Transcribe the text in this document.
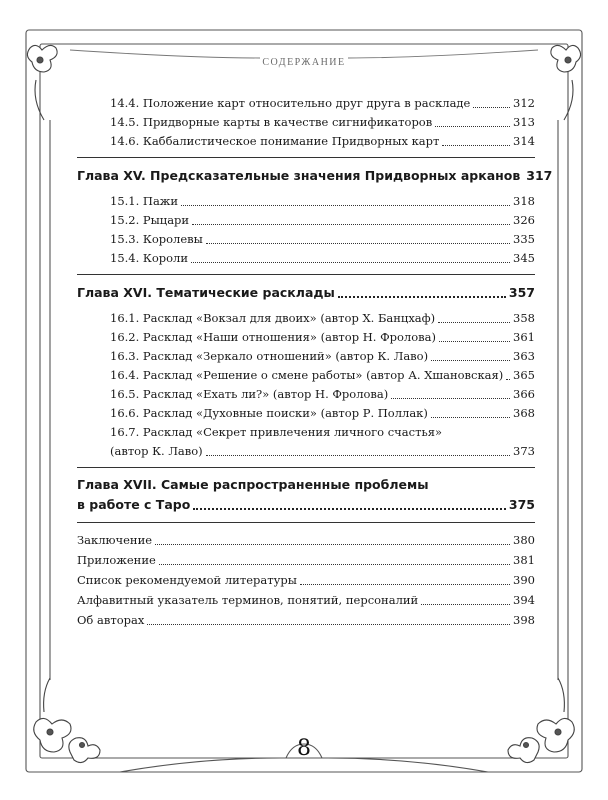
СОДЕРЖАНИЕ
14.4. Положение карт относительно друг друга в раскладе	312
14.5. Придворные карты в качестве сигнификаторов	313
14.6. Каббалистическое понимание Придворных карт	314
Глава XV. Предсказательные значения Придворных арканов 317
15.1. Пажи	318
15.2. Рыцари	326
15.3. Королевы	335
15.4. Короли	345
Глава XVI. Тематические расклады	357
16.1. Расклад «Вокзал для двоих» (автор Х. Банцхаф)	358
16.2. Расклад «Наши отношения» (автор Н. Фролова)	361
16.3. Расклад «Зеркало отношений» (автор К. Лаво)	363
16.4. Расклад «Решение о смене работы» (автор А. Хшановская) 365
16.5. Расклад «Ехать ли?» (автор Н. Фролова)	366
16.6. Расклад «Духовные поиски» (автор Р. Поллак)	368
16.7. Расклад «Секрет привлечения личного счастья»
(автор К. Лаво)	373
Глава XVII. Самые распространенные проблемы
в работе с Таро	375
Заключение	380
Приложение	381
Список рекомендуемой литературы	390
Алфавитный указатель терминов, понятий, персоналий	394
Об авторах	398
8
